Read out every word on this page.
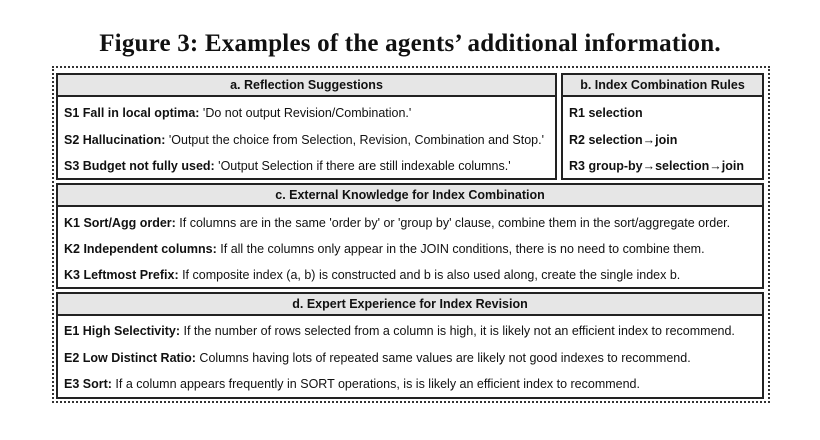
Figure 3: Examples of the agents’ additional information.
a. Reflection Suggestions
S1 Fall in local optima: 'Do not output Revision/Combination.'
S2 Hallucination: 'Output the choice from Selection, Revision, Combination and Stop.'
S3 Budget not fully used: 'Output Selection if there are still indexable columns.'
b. Index Combination Rules
R1 selection
R2 selection→join
R3 group-by→selection→join
c. External Knowledge for Index Combination
K1 Sort/Agg order: If columns are in the same 'order by' or 'group by' clause, combine them in the sort/aggregate order.
K2 Independent columns: If all the columns only appear in the JOIN conditions, there is no need to combine them.
K3 Leftmost Prefix: If composite index (a, b) is constructed and b is also used along, create the single index b.
d. Expert Experience for Index Revision
E1 High Selectivity: If the number of rows selected from a column is high, it is likely not an efficient index to recommend.
E2 Low Distinct Ratio: Columns having lots of repeated same values are likely not good indexes to recommend.
E3 Sort: If a column appears frequently in SORT operations, is is likely an efficient index to recommend.
